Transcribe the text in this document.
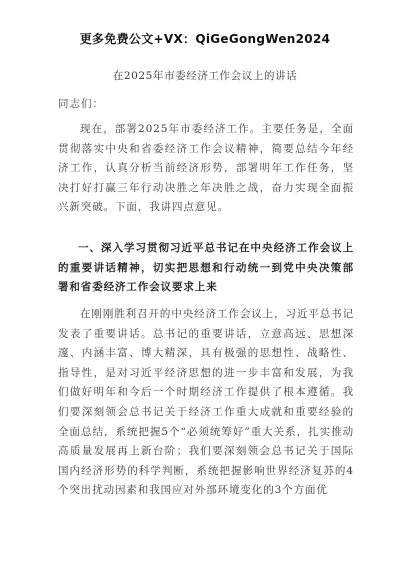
更多免费公文+VX：QiGeGongWen2024
在2025年市委经济工作会议上的讲话
同志们：

现在，部署2025年市委经济工作。主要任务是，全面贯彻落实中央和省委经济工作会议精神，简要总结今年经济工作，认真分析当前经济形势，部署明年工作任务，坚决打好打赢三年行动决胜之年决胜之战，奋力实现全面振兴新突破。下面，我讲四点意见。

一、深入学习贯彻习近平总书记在中央经济工作会议上的重要讲话精神，切实把思想和行动统一到党中央决策部署和省委经济工作会议要求上来

在刚刚胜利召开的中央经济工作会议上，习近平总书记发表了重要讲话。总书记的重要讲话，立意高远、思想深邃、内涵丰富、博大精深，具有极强的思想性、战略性、指导性，是对习近平经济思想的进一步丰富和发展，为我们做好明年和今后一个时期经济工作提供了根本遵循。我们要深刻领会总书记关于经济工作重大成就和重要经验的全面总结，系统把握5个“必须统筹好”重大关系，扎实推动高质量发展再上新台阶；我们要深刻领会总书记关于国际国内经济形势的科学判断，系统把握影响世界经济复苏的4个突出扰动因素和我国应对外部环境变化的3个方面优
